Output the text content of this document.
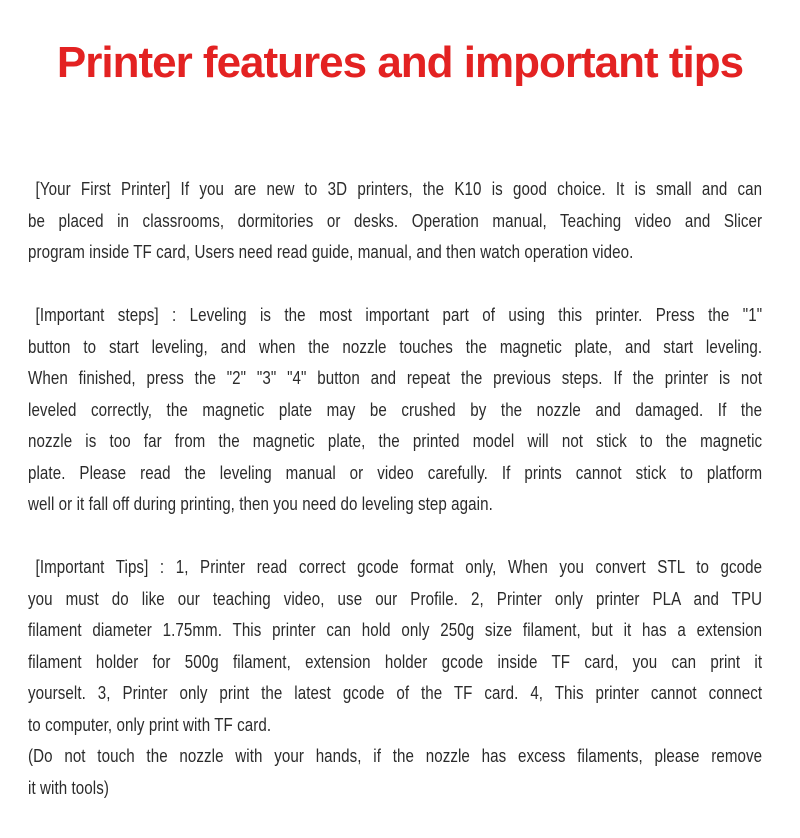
Printer features and important tips
[Your First Printer] If you are new to 3D printers, the K10 is good choice. It is small and can
be placed in classrooms, dormitories or desks. Operation manual, Teaching video and Slicer
program inside TF card, Users need read guide, manual, and then watch operation video.
[Important steps] : Leveling is the most important part of using this printer. Press the "1"
button to start leveling, and when the nozzle touches the magnetic plate, and start leveling.
When finished, press the "2" "3" "4" button and repeat the previous steps. If the printer is not
leveled correctly, the magnetic plate may be crushed by the nozzle and damaged. If the
nozzle is too far from the magnetic plate, the printed model will not stick to the magnetic
plate. Please read the leveling manual or video carefully. If prints cannot stick to platform
well or it fall off during printing, then you need do leveling step again.
[Important Tips] : 1, Printer read correct gcode format only, When you convert STL to gcode
you must do like our teaching video, use our Profile. 2, Printer only printer PLA and TPU
filament diameter 1.75mm. This printer can hold only 250g size filament, but it has a extension
filament holder for 500g filament, extension holder gcode inside TF card, you can print it
yourselt. 3, Printer only print the latest gcode of the TF card. 4, This printer cannot connect
to computer, only print with TF card.
(Do not touch the nozzle with your hands, if the nozzle has excess filaments, please remove
it with tools)
